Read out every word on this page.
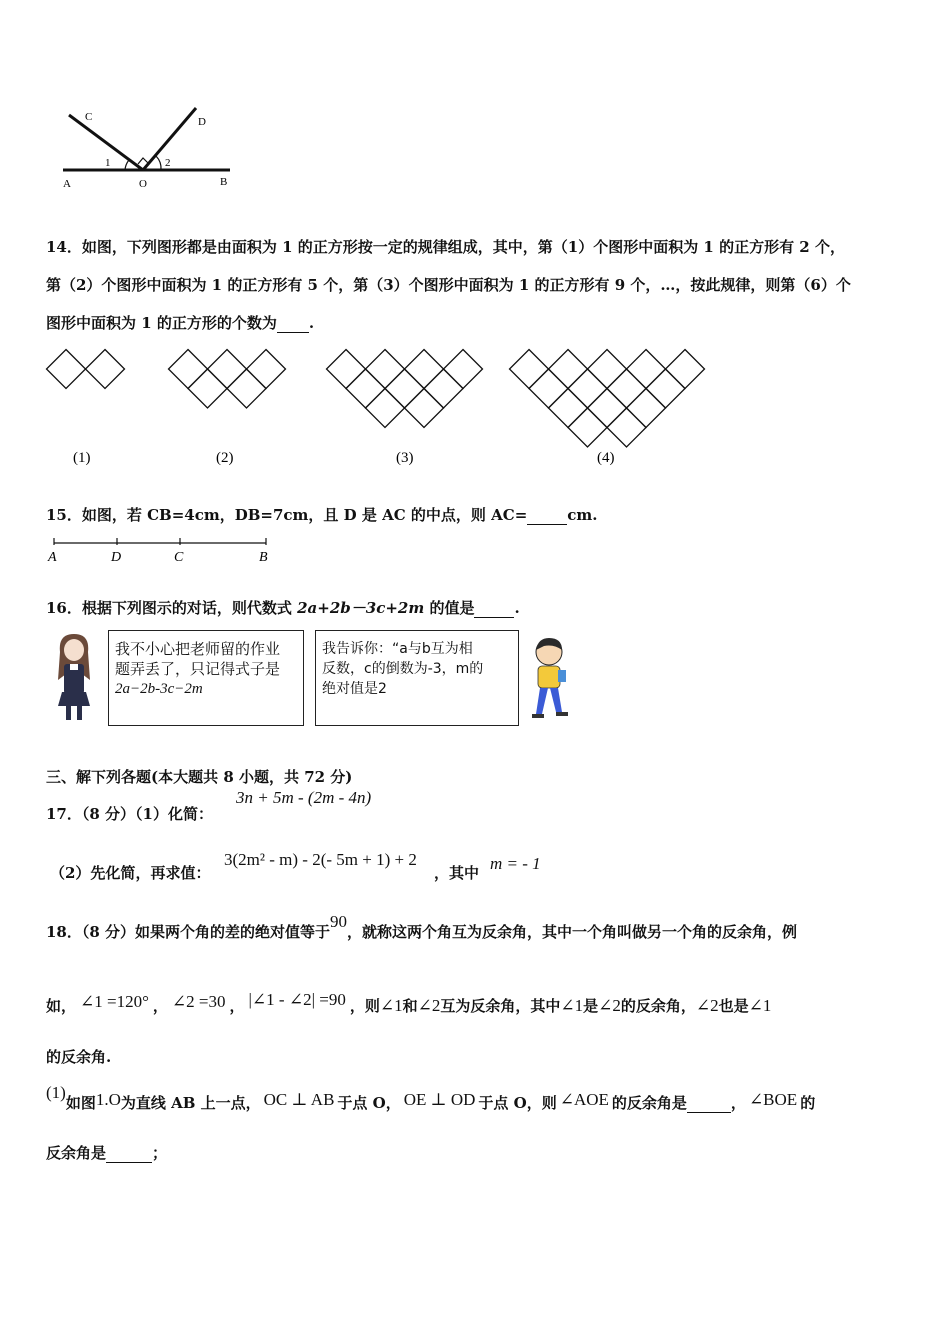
C	D
A	O	B
1	2
14．如图，下列图形都是由面积为 1 的正方形按一定的规律组成，其中，第（1）个图形中面积为 1 的正方形有 2 个，
第（2）个图形中面积为 1 的正方形有 5 个，第（3）个图形中面积为 1 的正方形有 9 个，…，按此规律，则第（6）个
图形中面积为 1 的正方形的个数为 .
(1)	(2)	(3)	(4)
15．如图，若 CB=4cm，DB=7cm，且 D 是 AC 的中点，则 AC=	cm.
A	D	C	B
16．根据下列图示的对话，则代数式 2a+2b－3c+2m 的值是	.
我不小心把老师留的作业
题弄丢了，只记得式子是
2a−2b-3c−2m
我告诉你：“a与b互为相
反数，c的倒数为-3，m的
绝对值是2
三、解下列各题(本大题共 8 小题，共 72 分)
17．（8 分）（1）化简：
3n + 5m - (2m - 4n)
（2）先化简，再求值：
3(2m² - m) - 2(- 5m + 1) + 2
，其中 m = - 1
18．（8 分）如果两个角的差的绝对值等于90，就称这两个角互为反余角，其中一个角叫做另一个角的反余角，例
如， ∠1 =120° ， ∠2 =30 ， |∠1 - ∠2| =90 ，则∠1和∠2互为反余角，其中∠1是∠2的反余角，∠2也是∠1
的反余角.
(1)如图1.O为直线 AB 上一点， OC ⊥ AB 于点 O， OE ⊥ OD 于点 O，则 ∠AOE 的反余角是	， ∠BOE 的
反余角是	；
